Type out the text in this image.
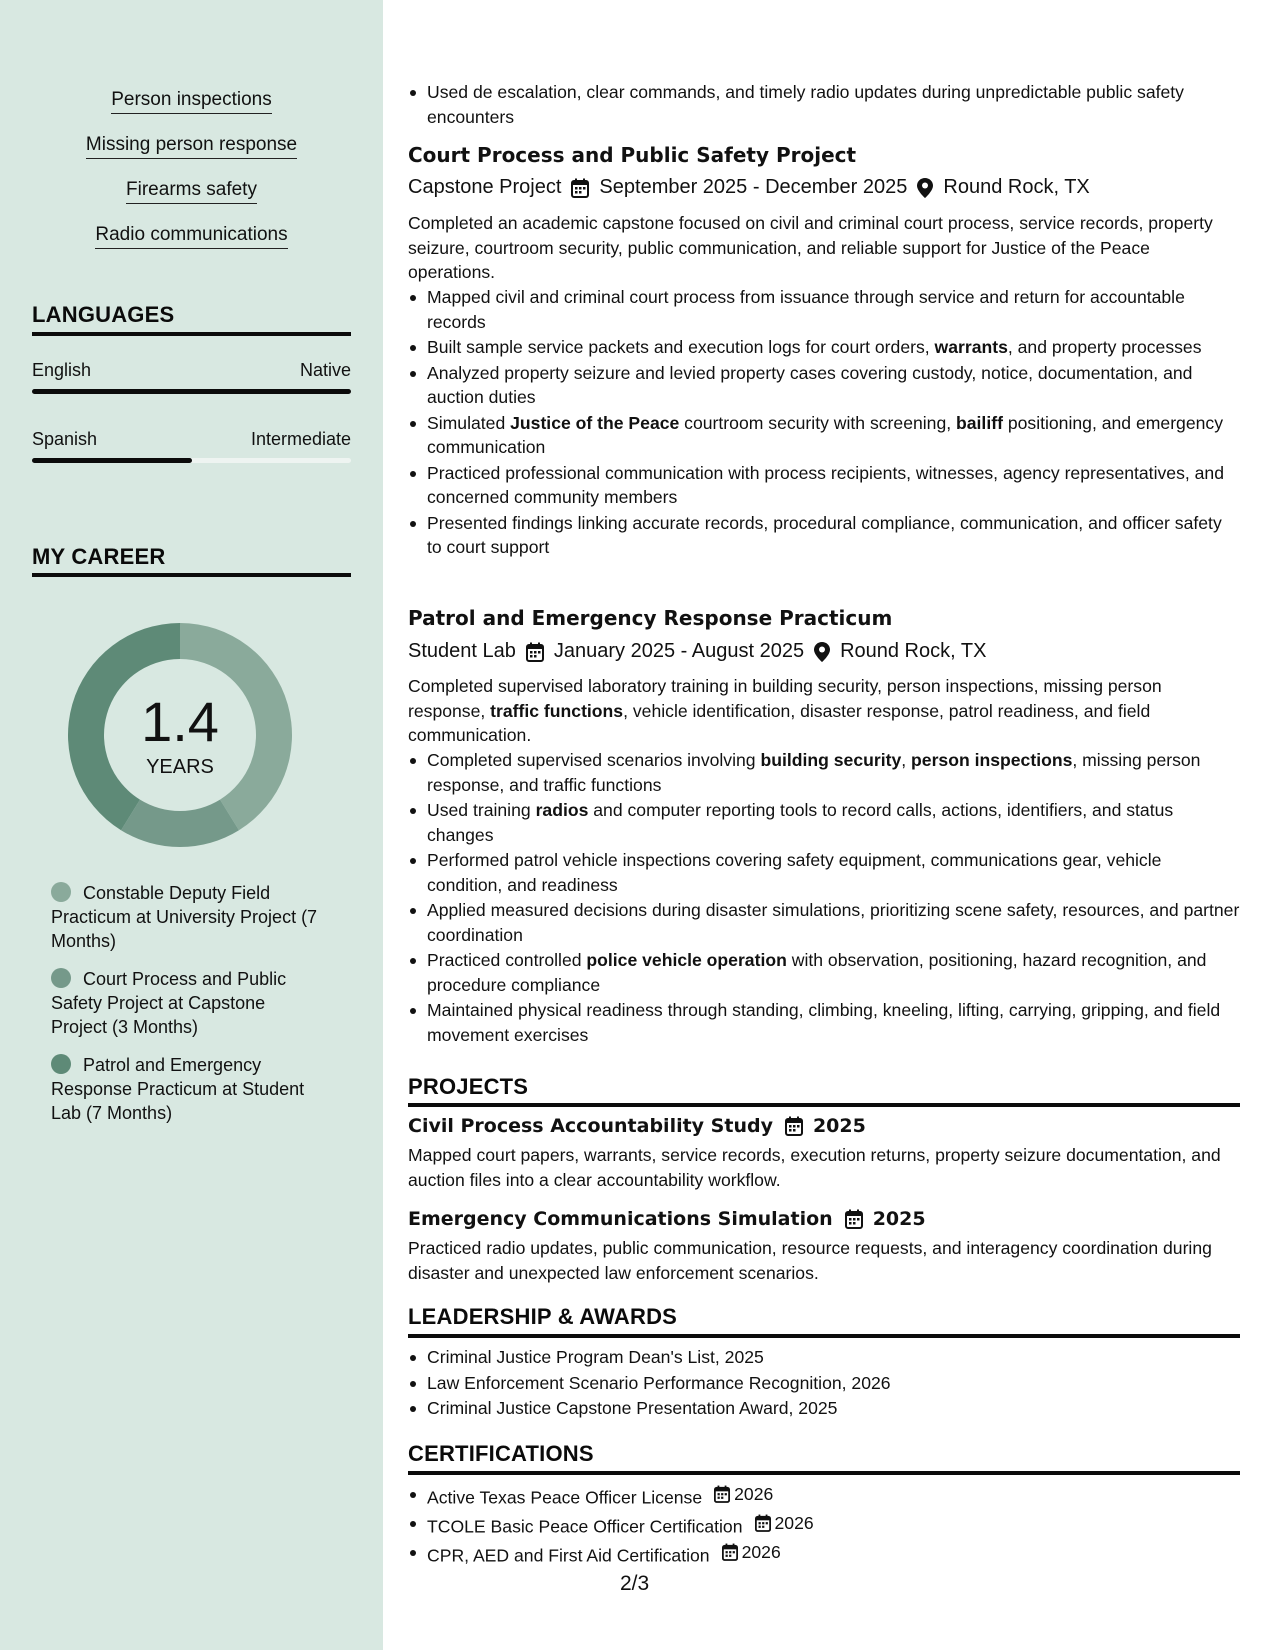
Person inspections
Missing person response
Firearms safety
Radio communications
LANGUAGES
English	Native
Spanish	Intermediate
MY CAREER
1.4
YEARS
Constable Deputy Field Practicum at University Project (7 Months)
Court Process and Public Safety Project at Capstone Project (3 Months)
Patrol and Emergency Response Practicum at Student Lab (7 Months)
Used de escalation, clear commands, and timely radio updates during unpredictable public safety encounters
Court Process and Public Safety Project
Capstone Project September 2025 - December 2025 Round Rock, TX
Completed an academic capstone focused on civil and criminal court process, service records, property seizure, courtroom security, public communication, and reliable support for Justice of the Peace operations.
Mapped civil and criminal court process from issuance through service and return for accountable records
Built sample service packets and execution logs for court orders, warrants, and property processes
Analyzed property seizure and levied property cases covering custody, notice, documentation, and auction duties
Simulated Justice of the Peace courtroom security with screening, bailiff positioning, and emergency communication
Practiced professional communication with process recipients, witnesses, agency representatives, and concerned community members
Presented findings linking accurate records, procedural compliance, communication, and officer safety to court support
Patrol and Emergency Response Practicum
Student Lab January 2025 - August 2025 Round Rock, TX
Completed supervised laboratory training in building security, person inspections, missing person response, traffic functions, vehicle identification, disaster response, patrol readiness, and field communication.
Completed supervised scenarios involving building security, person inspections, missing person response, and traffic functions
Used training radios and computer reporting tools to record calls, actions, identifiers, and status changes
Performed patrol vehicle inspections covering safety equipment, communications gear, vehicle condition, and readiness
Applied measured decisions during disaster simulations, prioritizing scene safety, resources, and partner coordination
Practiced controlled police vehicle operation with observation, positioning, hazard recognition, and procedure compliance
Maintained physical readiness through standing, climbing, kneeling, lifting, carrying, gripping, and field movement exercises
PROJECTS
Civil Process Accountability Study 2025
Mapped court papers, warrants, service records, execution returns, property seizure documentation, and auction files into a clear accountability workflow.
Emergency Communications Simulation 2025
Practiced radio updates, public communication, resource requests, and interagency coordination during disaster and unexpected law enforcement scenarios.
LEADERSHIP & AWARDS
Criminal Justice Program Dean's List, 2025
Law Enforcement Scenario Performance Recognition, 2026
Criminal Justice Capstone Presentation Award, 2025
CERTIFICATIONS
Active Texas Peace Officer License 2026
TCOLE Basic Peace Officer Certification 2026
CPR, AED and First Aid Certification 2026
2/3
